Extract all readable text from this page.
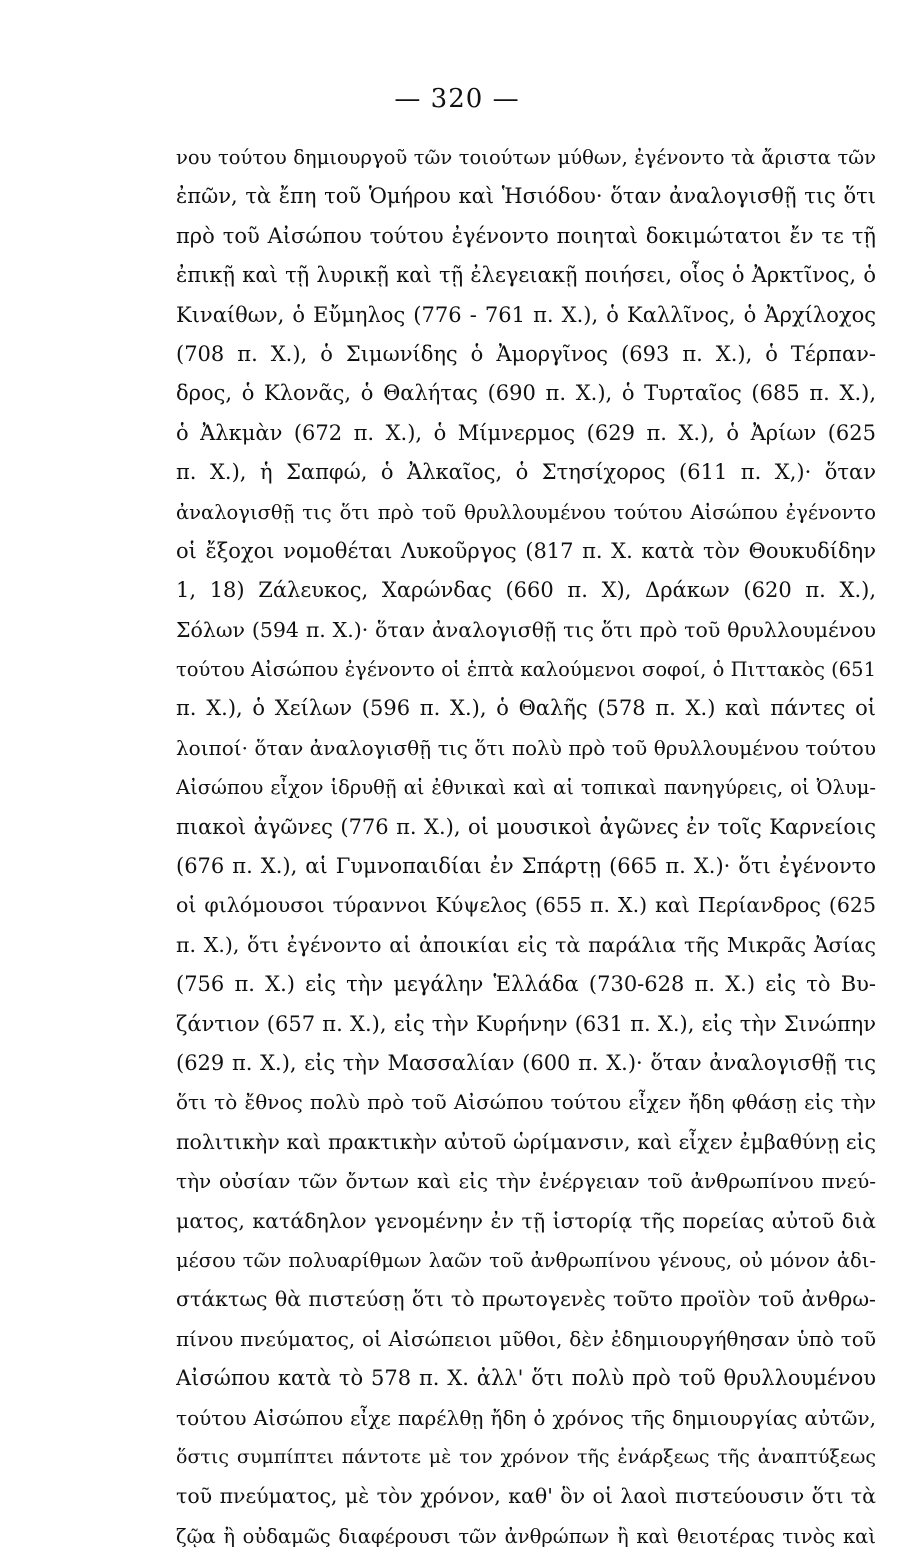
— 320 —
νου τούτου δημιουργοῦ τῶν τοιούτων μύθων, ἐγένοντο τὰ ἄριστα τῶν
ἐπῶν, τὰ ἔπη τοῦ Ὁμήρου καὶ Ἡσιόδου· ὅταν ἀναλογισθῇ τις ὅτι
πρὸ τοῦ Αἰσώπου τούτου ἐγένοντο ποιηταὶ δοκιμώτατοι ἔν τε τῇ
ἐπικῇ καὶ τῇ λυρικῇ καὶ τῇ ἐλεγειακῇ ποιήσει, οἷος ὁ Ἀρκτῖνος, ὁ
Κιναίθων, ὁ Εὔμηλος (776 - 761 π. Χ.), ὁ Καλλῖνος, ὁ Ἀρχίλοχος
(708 π. Χ.), ὁ Σιμωνίδης ὁ Ἀμοργῖνος (693 π. Χ.), ὁ Τέρπαν-
δρος, ὁ Κλονᾶς, ὁ Θαλήτας (690 π. Χ.), ὁ Τυρταῖος (685 π. Χ.),
ὁ Ἀλκμὰν (672 π. Χ.), ὁ Μίμνερμος (629 π. Χ.), ὁ Ἀρίων (625
π. Χ.), ἡ Σαπφώ, ὁ Ἀλκαῖος, ὁ Στησίχορος (611 π. Χ,)· ὅταν
ἀναλογισθῇ τις ὅτι πρὸ τοῦ θρυλλουμένου τούτου Αἰσώπου ἐγένοντο
οἱ ἔξοχοι νομοθέται Λυκοῦργος (817 π. Χ. κατὰ τὸν Θουκυδίδην
1, 18) Ζάλευκος, Χαρώνδας (660 π. Χ), Δράκων (620 π. Χ.),
Σόλων (594 π. Χ.)· ὅταν ἀναλογισθῇ τις ὅτι πρὸ τοῦ θρυλλουμένου
τούτου Αἰσώπου ἐγένοντο οἱ ἑπτὰ καλούμενοι σοφοί, ὁ Πιττακὸς (651
π. Χ.), ὁ Χείλων (596 π. Χ.), ὁ Θαλῆς (578 π. Χ.) καὶ πάντες οἱ
λοιποί· ὅταν ἀναλογισθῇ τις ὅτι πολὺ πρὸ τοῦ θρυλλουμένου τούτου
Αἰσώπου εἶχον ἱδρυθῇ αἱ ἐθνικαὶ καὶ αἱ τοπικαὶ πανηγύρεις, οἱ Ὀλυμ-
πιακοὶ ἀγῶνες (776 π. Χ.), οἱ μουσικοὶ ἀγῶνες ἐν τοῖς Καρνείοις
(676 π. Χ.), αἱ Γυμνοπαιδίαι ἐν Σπάρτῃ (665 π. Χ.)· ὅτι ἐγένοντο
οἱ φιλόμουσοι τύραννοι Κύψελος (655 π. Χ.) καὶ Περίανδρος (625
π. Χ.), ὅτι ἐγένοντο αἱ ἀποικίαι εἰς τὰ παράλια τῆς Μικρᾶς Ἀσίας
(756 π. Χ.) εἰς τὴν μεγάλην Ἑλλάδα (730-628 π. Χ.) εἰς τὸ Βυ-
ζάντιον (657 π. Χ.), εἰς τὴν Κυρήνην (631 π. Χ.), εἰς τὴν Σινώπην
(629 π. Χ.), εἰς τὴν Μασσαλίαν (600 π. Χ.)· ὅταν ἀναλογισθῇ τις
ὅτι τὸ ἔθνος πολὺ πρὸ τοῦ Αἰσώπου τούτου εἶχεν ἤδη φθάσῃ εἰς τὴν
πολιτικὴν καὶ πρακτικὴν αὐτοῦ ὡρίμανσιν, καὶ εἶχεν ἐμβαθύνῃ εἰς
τὴν οὐσίαν τῶν ὄντων καὶ εἰς τὴν ἐνέργειαν τοῦ ἀνθρωπίνου πνεύ-
ματος, κατάδηλον γενομένην ἐν τῇ ἱστορίᾳ τῆς πορείας αὐτοῦ διὰ
μέσου τῶν πολυαρίθμων λαῶν τοῦ ἀνθρωπίνου γένους, οὐ μόνον ἀδι-
στάκτως θὰ πιστεύσῃ ὅτι τὸ πρωτογενὲς τοῦτο προϊὸν τοῦ ἀνθρω-
πίνου πνεύματος, οἱ Αἰσώπειοι μῦθοι, δὲν ἐδημιουργήθησαν ὑπὸ τοῦ
Αἰσώπου κατὰ τὸ 578 π. Χ. ἀλλ' ὅτι πολὺ πρὸ τοῦ θρυλλουμένου
τούτου Αἰσώπου εἶχε παρέλθῃ ἤδη ὁ χρόνος τῆς δημιουργίας αὐτῶν,
ὅστις συμπίπτει πάντοτε μὲ τον χρόνον τῆς ἐνάρξεως τῆς ἀναπτύξεως
τοῦ πνεύματος, μὲ τὸν χρόνον, καθ' ὃν οἱ λαοὶ πιστεύουσιν ὅτι τὰ
ζῷα ἢ οὐδαμῶς διαφέρουσι τῶν ἀνθρώπων ἢ καὶ θειοτέρας τινὸς καὶ
